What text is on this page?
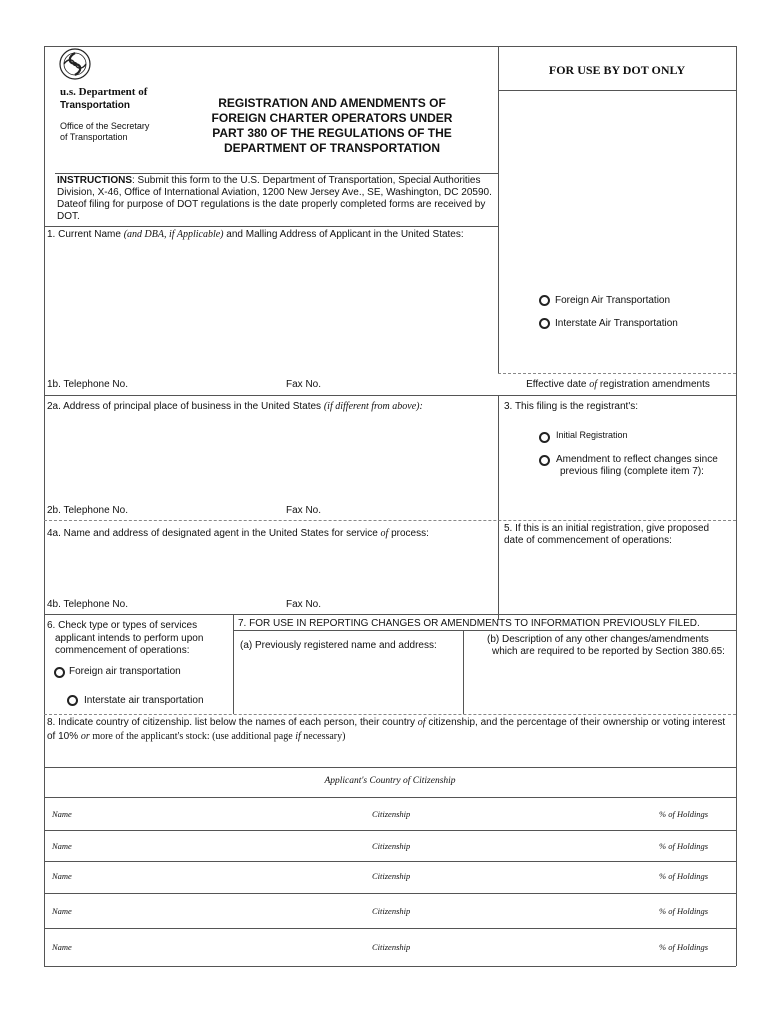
u.s. Department of
Transportation
Office of the Secretary
of Transportation
REGISTRATION AND AMENDMENTS OF
FOREIGN CHARTER OPERATORS UNDER
PART 380 OF THE REGULATIONS OF THE
DEPARTMENT OF TRANSPORTATION
FOR USE BY DOT ONLY
INSTRUCTIONS: Submit this form to the U.S. Department of Transportation, Special Authorities
Division, X-46, Office of International Aviation, 1200 New Jersey Ave., SE, Washington, DC 20590.
Dateof filing for purpose of DOT regulations is the date properly completed forms are received by
DOT.
1. Current Name (and DBA, if Applicable) and Malling Address of Applicant in the United States:
Foreign Air Transportation
Interstate Air Transportation
1b. Telephone No.	Fax No.	Effective date of registration amendments
2a. Address of principal place of business in the United States (if different from above):	3. This filing is the registrant's:
Initial Registration
Amendment to reflect changes since
previous filing (complete item 7):
2b. Telephone No.	Fax No.
4a. Name and address of designated agent in the United States for service of process:	5. If this is an initial registration, give proposed
date of commencement of operations:
4b. Telephone No.	Fax No.
6. Check type or types of services
applicant intends to perform upon
commencement of operations:
Foreign air transportation
Interstate air transportation
7. FOR USE IN REPORTING CHANGES OR AMENDMENTS TO INFORMATION PREVIOUSLY FILED.
(a) Previously registered name and address:
(b) Description of any other changes/amendments
which are required to be reported by Section 380.65:
8. Indicate country of citizenship. list below the names of each person, their country of citizenship, and the percentage of their ownership or voting interest
of 10% or more of the applicant's stock: (use additional page if necessary)
Applicant's Country of Citizenship
Name	Citizenship	% of Holdings
Name	Citizenship	% of Holdings
Name	Citizenship	% of Holdings
Name	Citizenship	% of Holdings
Name	Citizenship	% of Holdings
